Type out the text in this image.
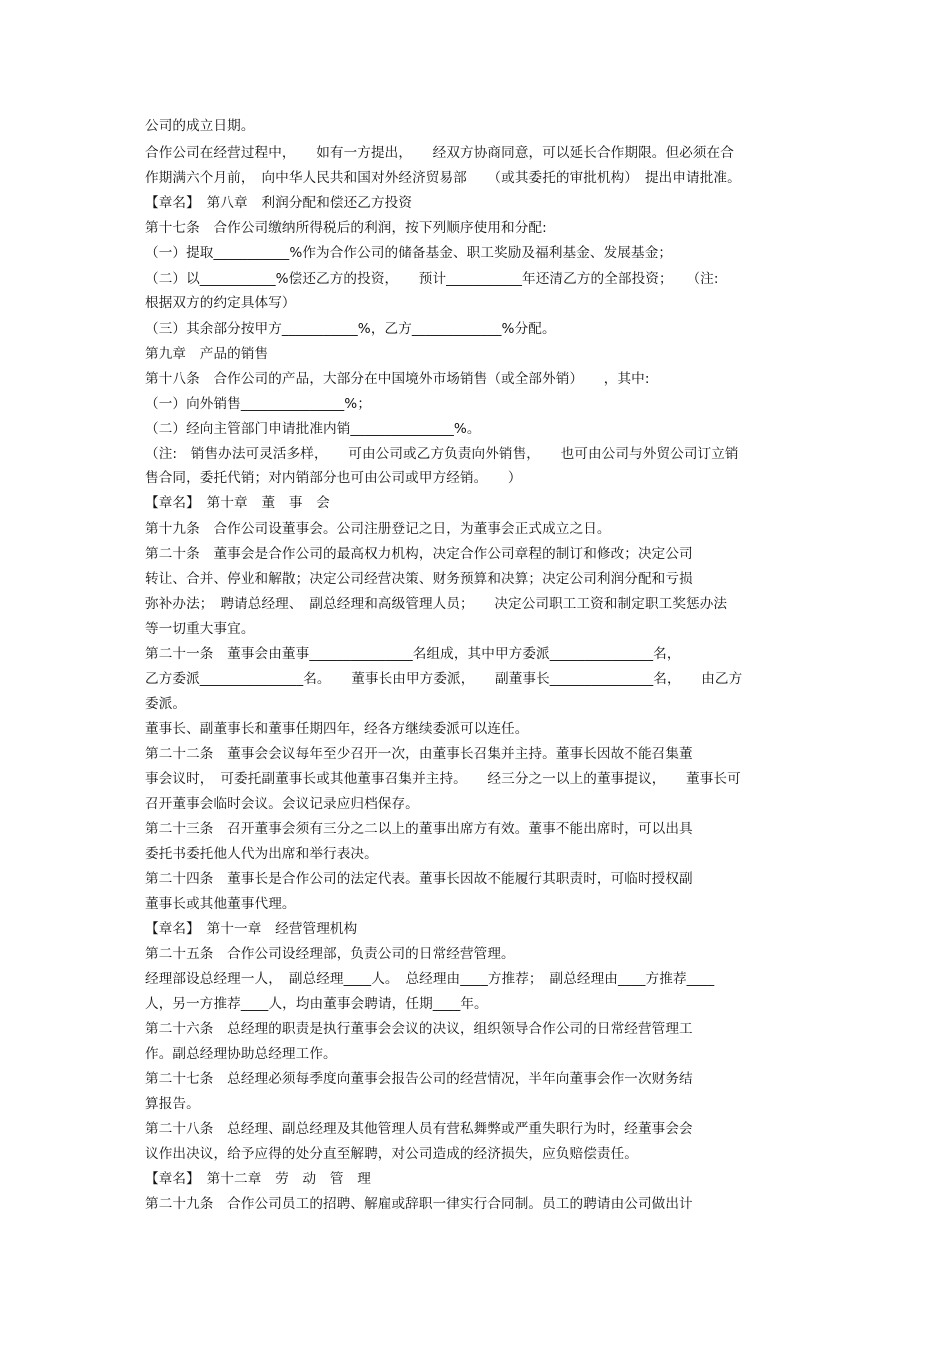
公司的成立日期。
合作公司在经营过程中，　　如有一方提出，　　经双方协商同意，可以延长合作期限。但必须在合
作期满六个月前，　向中华人民共和国对外经济贸易部　　（或其委托的审批机构）　提出申请批准。
【章名】　第八章　利润分配和偿还乙方投资
第十七条　合作公司缴纳所得税后的利润，按下列顺序使用和分配:
（一）提取___________%作为合作公司的储备基金、职工奖励及福利基金、发展基金；
（二）以___________%偿还乙方的投资，　　预计___________年还清乙方的全部投资；　　（注:
根据双方的约定具体写）
（三）其余部分按甲方___________%，乙方_____________%分配。
第九章　产品的销售
第十八条　合作公司的产品，大部分在中国境外市场销售（或全部外销）　　，其中:
（一）向外销售_______________%；
（二）经向主管部门申请批准内销_______________%。
（注:　销售办法可灵活多样，　　可由公司或乙方负责向外销售，　　也可由公司与外贸公司订立销
售合同，委托代销；对内销部分也可由公司或甲方经销。　　）
【章名】　第十章　董　事　会
第十九条　合作公司设董事会。公司注册登记之日，为董事会正式成立之日。
第二十条　董事会是合作公司的最高权力机构，决定合作公司章程的制订和修改；决定公司
转让、合并、停业和解散；决定公司经营决策、财务预算和决算；决定公司利润分配和亏损
弥补办法；　聘请总经理、　副总经理和高级管理人员；　　决定公司职工工资和制定职工奖惩办法
等一切重大事宜。
第二十一条　董事会由董事_______________名组成，其中甲方委派_______________名，
乙方委派_______________名。　　董事长由甲方委派，　　副董事长_______________名，　　由乙方
委派。
董事长、副董事长和董事任期四年，经各方继续委派可以连任。
第二十二条　董事会会议每年至少召开一次，由董事长召集并主持。董事长因故不能召集董
事会议时，　可委托副董事长或其他董事召集并主持。　　经三分之一以上的董事提议，　　董事长可
召开董事会临时会议。会议记录应归档保存。
第二十三条　召开董事会须有三分之二以上的董事出席方有效。董事不能出席时，可以出具
委托书委托他人代为出席和举行表决。
第二十四条　董事长是合作公司的法定代表。董事长因故不能履行其职责时，可临时授权副
董事长或其他董事代理。
【章名】　第十一章　经营管理机构
第二十五条　合作公司设经理部，负责公司的日常经营管理。
经理部设总经理一人，　副总经理____人。　总经理由____方推荐；　副总经理由____方推荐____
人，另一方推荐____人，均由董事会聘请，任期____年。
第二十六条　总经理的职责是执行董事会会议的决议，组织领导合作公司的日常经营管理工
作。副总经理协助总经理工作。
第二十七条　总经理必须每季度向董事会报告公司的经营情况，半年向董事会作一次财务结
算报告。
第二十八条　总经理、副总经理及其他管理人员有营私舞弊或严重失职行为时，经董事会会
议作出决议，给予应得的处分直至解聘，对公司造成的经济损失，应负赔偿责任。
【章名】　第十二章　劳　动　管　理
第二十九条　合作公司员工的招聘、解雇或辞职一律实行合同制。员工的聘请由公司做出计
